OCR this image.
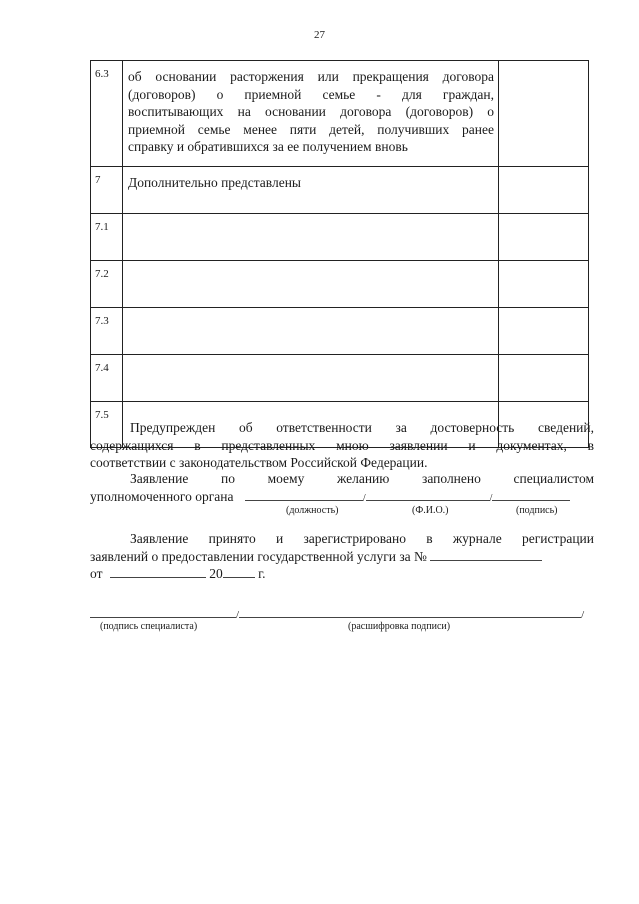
27
6.3	об основании расторжения или прекращения договора
(договоров) о приемной семье - для граждан,
воспитывающих на основании договора (договоров) о
приемной семье менее пяти детей, получивших ранее
справку и обратившихся за ее получением вновь	

7	Дополнительно представлены	
7.1		
7.2		
7.3		
7.4		
7.5		
Предупрежден об ответственности за достоверность сведений,
содержащихся в представленных мною заявлении и документах, в
соответствии с законодательством Российской Федерации.
Заявление по моему желанию заполнено специалистом
уполномоченного органа	/	/
(должность)	(Ф.И.О.)	(подпись)
Заявление принято и зарегистрировано в журнале регистрации
заявлений о предоставлении государственной услуги за №
от	20	г.
/	/
(подпись специалиста)	(расшифровка подписи)
